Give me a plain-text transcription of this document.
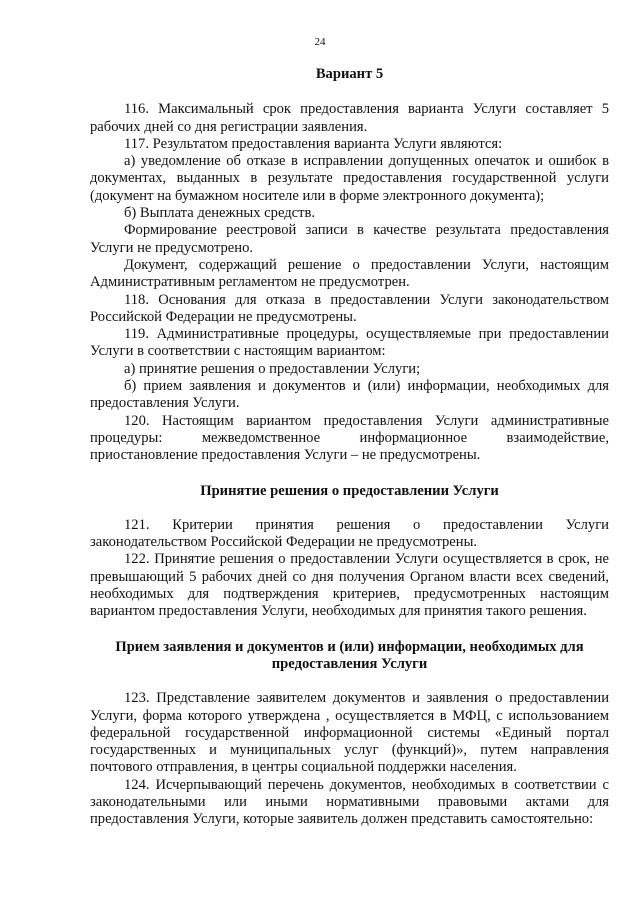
24

Вариант 5

116. Максимальный срок предоставления варианта Услуги составляет 5 рабочих дней со дня регистрации заявления.

117. Результатом предоставления варианта Услуги являются:

а) уведомление об отказе в исправлении допущенных опечаток и ошибок в документах, выданных в результате предоставления государственной услуги (документ на бумажном носителе или в форме электронного документа);

б) Выплата денежных средств.

Формирование реестровой записи в качестве результата предоставления Услуги не предусмотрено.

Документ, содержащий решение о предоставлении Услуги, настоящим Административным регламентом не предусмотрен.

118. Основания для отказа в предоставлении Услуги законодательством Российской Федерации не предусмотрены.

119. Административные процедуры, осуществляемые при предоставлении Услуги в соответствии с настоящим вариантом:

а) принятие решения о предоставлении Услуги;

б) прием заявления и документов и (или) информации, необходимых для предоставления Услуги.

120. Настоящим вариантом предоставления Услуги административные процедуры: межведомственное информационное взаимодействие, приостановление предоставления Услуги – не предусмотрены.

Принятие решения о предоставлении Услуги

121. Критерии принятия решения о предоставлении Услуги законодательством Российской Федерации не предусмотрены.

122. Принятие решения о предоставлении Услуги осуществляется в срок, не превышающий 5 рабочих дней со дня получения Органом власти всех сведений, необходимых для подтверждения критериев, предусмотренных настоящим вариантом предоставления Услуги, необходимых для принятия такого решения.

Прием заявления и документов и (или) информации, необходимых для предоставления Услуги

123. Представление заявителем документов и заявления о предоставлении Услуги, форма которого утверждена , осуществляется в МФЦ, с использованием федеральной государственной информационной системы «Единый портал государственных и муниципальных услуг (функций)», путем направления почтового отправления, в центры социальной поддержки населения.

124. Исчерпывающий перечень документов, необходимых в соответствии с законодательными или иными нормативными правовыми актами для предоставления Услуги, которые заявитель должен представить самостоятельно:
